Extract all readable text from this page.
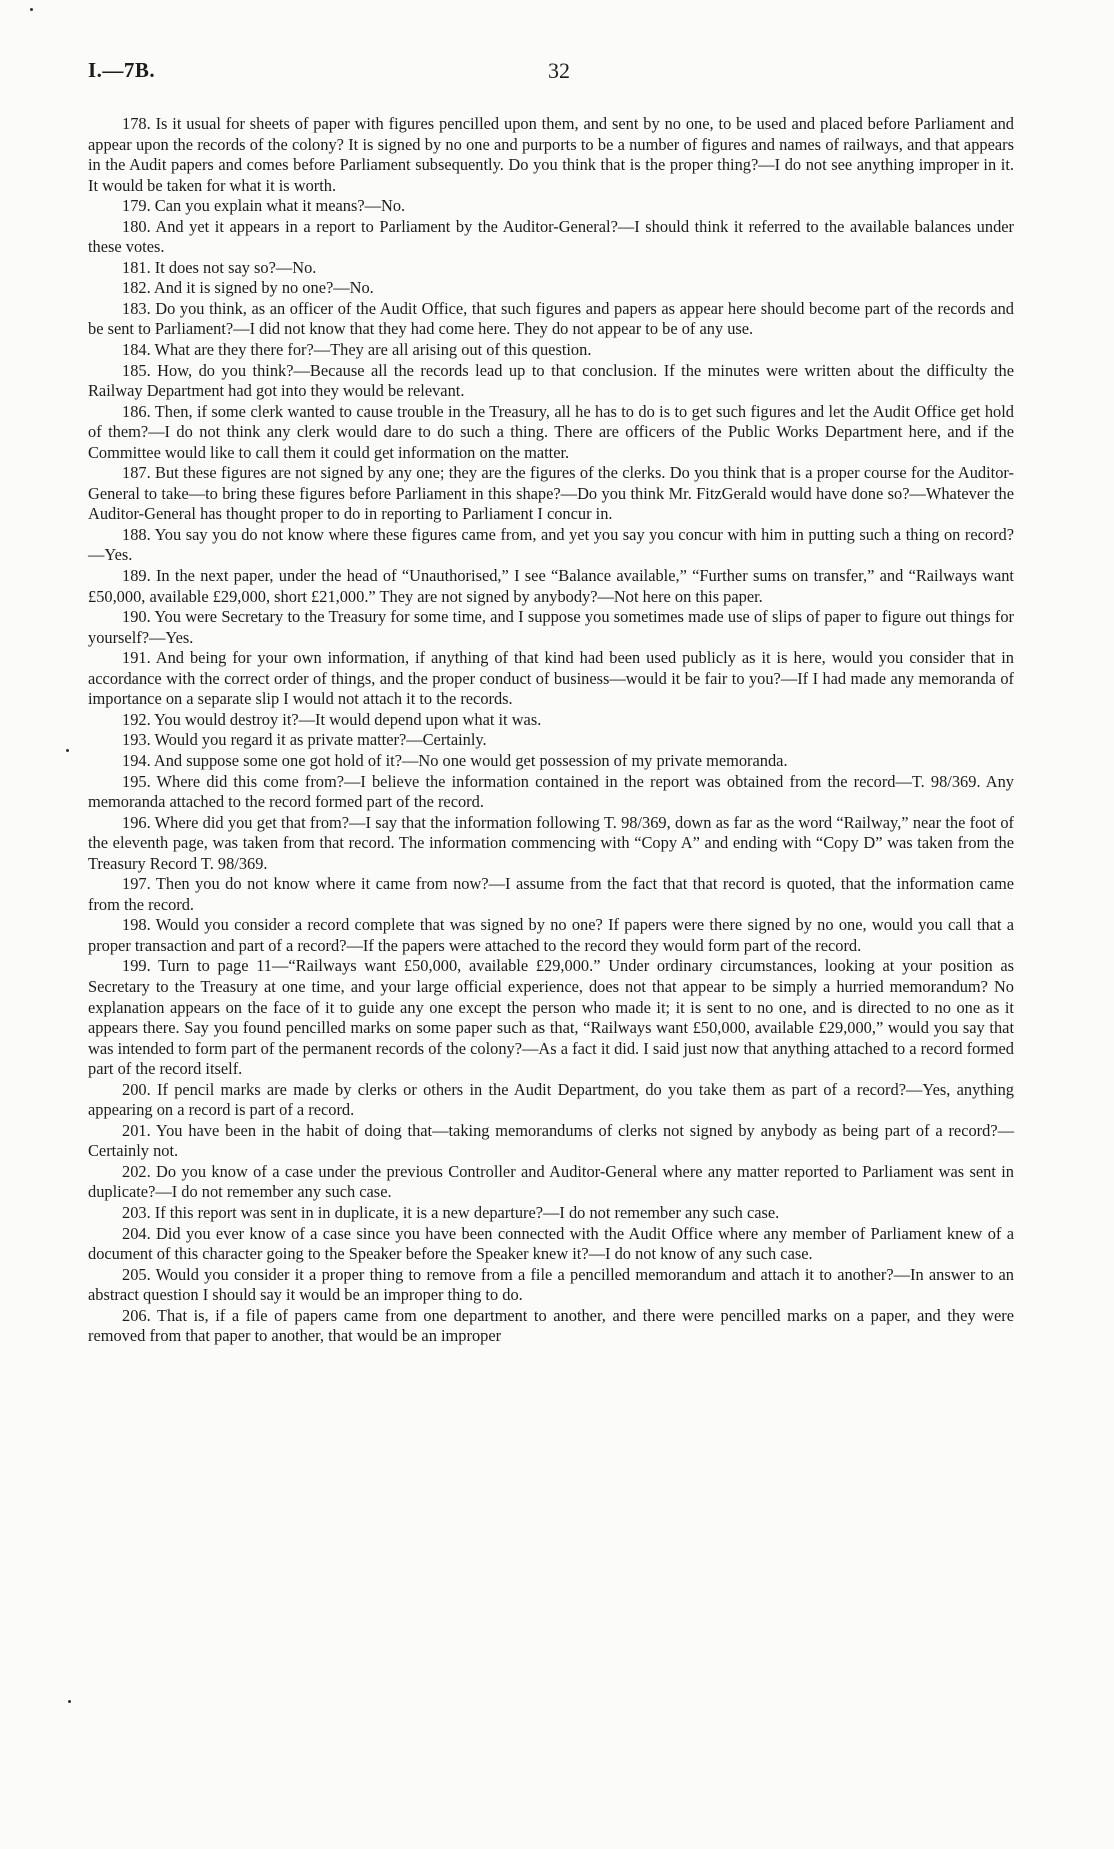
I.—7B.	32

178. Is it usual for sheets of paper with figures pencilled upon them, and sent by no one, to be used and placed before Parliament and appear upon the records of the colony? It is signed by no one and purports to be a number of figures and names of railways, and that appears in the Audit papers and comes before Parliament subsequently. Do you think that is the proper thing?—I do not see anything improper in it. It would be taken for what it is worth.

179. Can you explain what it means?—No.

180. And yet it appears in a report to Parliament by the Auditor-General?—I should think it referred to the available balances under these votes.

181. It does not say so?—No.

182. And it is signed by no one?—No.

183. Do you think, as an officer of the Audit Office, that such figures and papers as appear here should become part of the records and be sent to Parliament?—I did not know that they had come here. They do not appear to be of any use.

184. What are they there for?—They are all arising out of this question.

185. How, do you think?—Because all the records lead up to that conclusion. If the minutes were written about the difficulty the Railway Department had got into they would be relevant.

186. Then, if some clerk wanted to cause trouble in the Treasury, all he has to do is to get such figures and let the Audit Office get hold of them?—I do not think any clerk would dare to do such a thing. There are officers of the Public Works Department here, and if the Committee would like to call them it could get information on the matter.

187. But these figures are not signed by any one; they are the figures of the clerks. Do you think that is a proper course for the Auditor-General to take—to bring these figures before Parliament in this shape?—Do you think Mr. FitzGerald would have done so?—Whatever the Auditor-General has thought proper to do in reporting to Parliament I concur in.

188. You say you do not know where these figures came from, and yet you say you concur with him in putting such a thing on record?—Yes.

189. In the next paper, under the head of “Unauthorised,” I see “Balance available,” “Further sums on transfer,” and “Railways want £50,000, available £29,000, short £21,000.” They are not signed by anybody?—Not here on this paper.

190. You were Secretary to the Treasury for some time, and I suppose you sometimes made use of slips of paper to figure out things for yourself?—Yes.

191. And being for your own information, if anything of that kind had been used publicly as it is here, would you consider that in accordance with the correct order of things, and the proper conduct of business—would it be fair to you?—If I had made any memoranda of importance on a separate slip I would not attach it to the records.

192. You would destroy it?—It would depend upon what it was.

193. Would you regard it as private matter?—Certainly.

194. And suppose some one got hold of it?—No one would get possession of my private memoranda.

195. Where did this come from?—I believe the information contained in the report was obtained from the record—T. 98/369. Any memoranda attached to the record formed part of the record.

196. Where did you get that from?—I say that the information following T. 98/369, down as far as the word “Railway,” near the foot of the eleventh page, was taken from that record. The information commencing with “Copy A” and ending with “Copy D” was taken from the Treasury Record T. 98/369.

197. Then you do not know where it came from now?—I assume from the fact that that record is quoted, that the information came from the record.

198. Would you consider a record complete that was signed by no one? If papers were there signed by no one, would you call that a proper transaction and part of a record?—If the papers were attached to the record they would form part of the record.

199. Turn to page 11—“Railways want £50,000, available £29,000.” Under ordinary circumstances, looking at your position as Secretary to the Treasury at one time, and your large official experience, does not that appear to be simply a hurried memorandum? No explanation appears on the face of it to guide any one except the person who made it; it is sent to no one, and is directed to no one as it appears there. Say you found pencilled marks on some paper such as that, “Railways want £50,000, available £29,000,” would you say that was intended to form part of the permanent records of the colony?—As a fact it did. I said just now that anything attached to a record formed part of the record itself.

200. If pencil marks are made by clerks or others in the Audit Department, do you take them as part of a record?—Yes, anything appearing on a record is part of a record.

201. You have been in the habit of doing that—taking memorandums of clerks not signed by anybody as being part of a record?—Certainly not.

202. Do you know of a case under the previous Controller and Auditor-General where any matter reported to Parliament was sent in duplicate?—I do not remember any such case.

203. If this report was sent in in duplicate, it is a new departure?—I do not remember any such case.

204. Did you ever know of a case since you have been connected with the Audit Office where any member of Parliament knew of a document of this character going to the Speaker before the Speaker knew it?—I do not know of any such case.

205. Would you consider it a proper thing to remove from a file a pencilled memorandum and attach it to another?—In answer to an abstract question I should say it would be an improper thing to do.

206. That is, if a file of papers came from one department to another, and there were pencilled marks on a paper, and they were removed from that paper to another, that would be an improper
